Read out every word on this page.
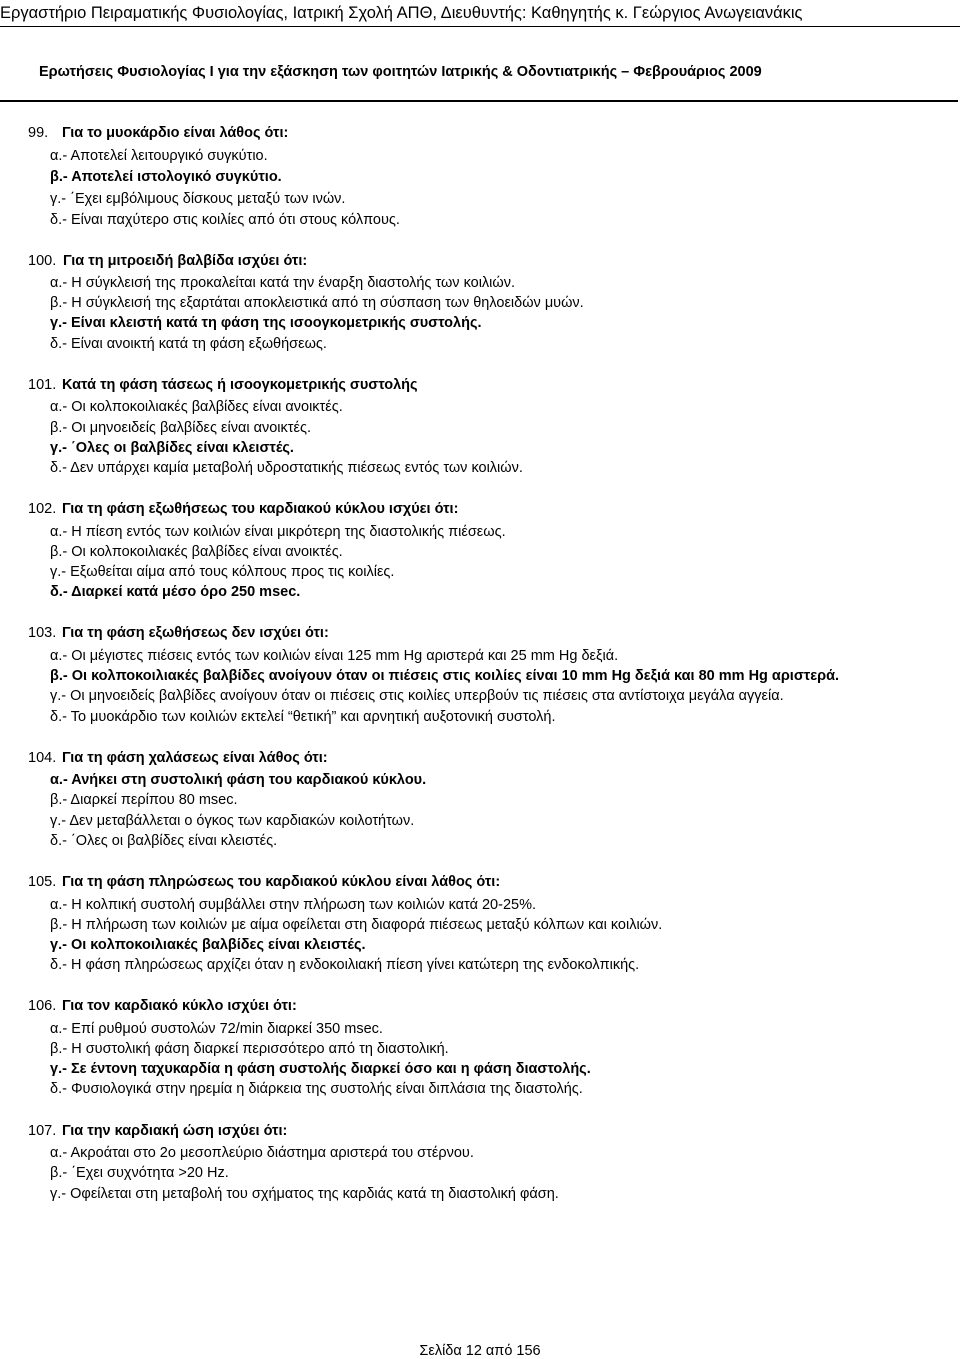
Εργαστήριο Πειραματικής Φυσιολογίας, Ιατρική Σχολή ΑΠΘ, Διευθυντής: Καθηγητής κ. Γεώργιος Ανωγειανάκις
Ερωτήσεις Φυσιολογίας Ι για την εξάσκηση των φοιτητών Ιατρικής & Οδοντιατρικής – Φεβρουάριος 2009
99. Για το μυοκάρδιο είναι λάθος ότι:
α.- Αποτελεί λειτουργικό συγκύτιο.
β.- Αποτελεί ιστολογικό συγκύτιο.
γ.- ΄Εχει εμβόλιμους δίσκους μεταξύ των ινών.
δ.- Είναι παχύτερο στις κοιλίες από ότι στους κόλπους.
100. Για τη μιτροειδή βαλβίδα ισχύει ότι:
α.- Η σύγκλεισή της προκαλείται κατά την έναρξη διαστολής των κοιλιών.
β.- Η σύγκλεισή της εξαρτάται αποκλειστικά από τη σύσπαση των θηλοειδών μυών.
γ.- Είναι κλειστή κατά τη φάση της ισοογκομετρικής συστολής.
δ.- Είναι ανοικτή κατά τη φάση εξωθήσεως.
101. Κατά τη φάση τάσεως ή ισοογκομετρικής συστολής
α.- Οι κολποκοιλιακές βαλβίδες είναι ανοικτές.
β.- Οι μηνοειδείς βαλβίδες είναι ανοικτές.
γ.- ΄Ολες οι βαλβίδες είναι κλειστές.
δ.- Δεν υπάρχει καμία μεταβολή υδροστατικής πιέσεως εντός των κοιλιών.
102. Για τη φάση εξωθήσεως του καρδιακού κύκλου ισχύει ότι:
α.- Η πίεση εντός των κοιλιών είναι μικρότερη της διαστολικής πιέσεως.
β.- Οι κολποκοιλιακές βαλβίδες είναι ανοικτές.
γ.- Εξωθείται αίμα από τους κόλπους προς τις κοιλίες.
δ.- Διαρκεί κατά μέσο όρο 250 msec.
103. Για τη φάση εξωθήσεως δεν ισχύει ότι:
α.- Οι μέγιστες πιέσεις εντός των κοιλιών είναι 125 mm Hg αριστερά και 25 mm Hg δεξιά.
β.- Οι κολποκοιλιακές βαλβίδες ανοίγουν όταν οι πιέσεις στις κοιλίες είναι 10 mm Hg δεξιά και 80 mm Hg αριστερά.
γ.- Οι μηνοειδείς βαλβίδες ανοίγουν όταν οι πιέσεις στις κοιλίες υπερβούν τις πιέσεις στα αντίστοιχα μεγάλα αγγεία.
δ.- Το μυοκάρδιο των κοιλιών εκτελεί “θετική” και αρνητική αυξοτονική συστολή.
104. Για τη φάση χαλάσεως είναι λάθος ότι:
α.- Ανήκει στη συστολική φάση του καρδιακού κύκλου.
β.- Διαρκεί περίπου 80 msec.
γ.- Δεν μεταβάλλεται ο όγκος των καρδιακών κοιλοτήτων.
δ.- ΄Ολες οι βαλβίδες είναι κλειστές.
105. Για τη φάση πληρώσεως του καρδιακού κύκλου είναι λάθος ότι:
α.- Η κολπική συστολή συμβάλλει στην πλήρωση των κοιλιών κατά 20-25%.
β.- Η πλήρωση των κοιλιών με αίμα οφείλεται στη διαφορά πιέσεως μεταξύ κόλπων και κοιλιών.
γ.- Οι κολποκοιλιακές βαλβίδες είναι κλειστές.
δ.- Η φάση πληρώσεως αρχίζει όταν η ενδοκοιλιακή πίεση γίνει κατώτερη της ενδοκολπικής.
106. Για τον καρδιακό κύκλο ισχύει ότι:
α.- Επί ρυθμού συστολών 72/min διαρκεί 350 msec.
β.- Η συστολική φάση διαρκεί περισσότερο από τη διαστολική.
γ.- Σε έντονη ταχυκαρδία η φάση συστολής διαρκεί όσο και η φάση διαστολής.
δ.- Φυσιολογικά στην ηρεμία η διάρκεια της συστολής είναι διπλάσια της διαστολής.
107. Για την καρδιακή ώση ισχύει ότι:
α.- Ακροάται στο 2ο μεσοπλεύριο διάστημα αριστερά του στέρνου.
β.- ΄Εχει συχνότητα >20 Hz.
γ.- Οφείλεται στη μεταβολή του σχήματος της καρδιάς κατά τη διαστολική φάση.
Σελίδα 12 από 156
